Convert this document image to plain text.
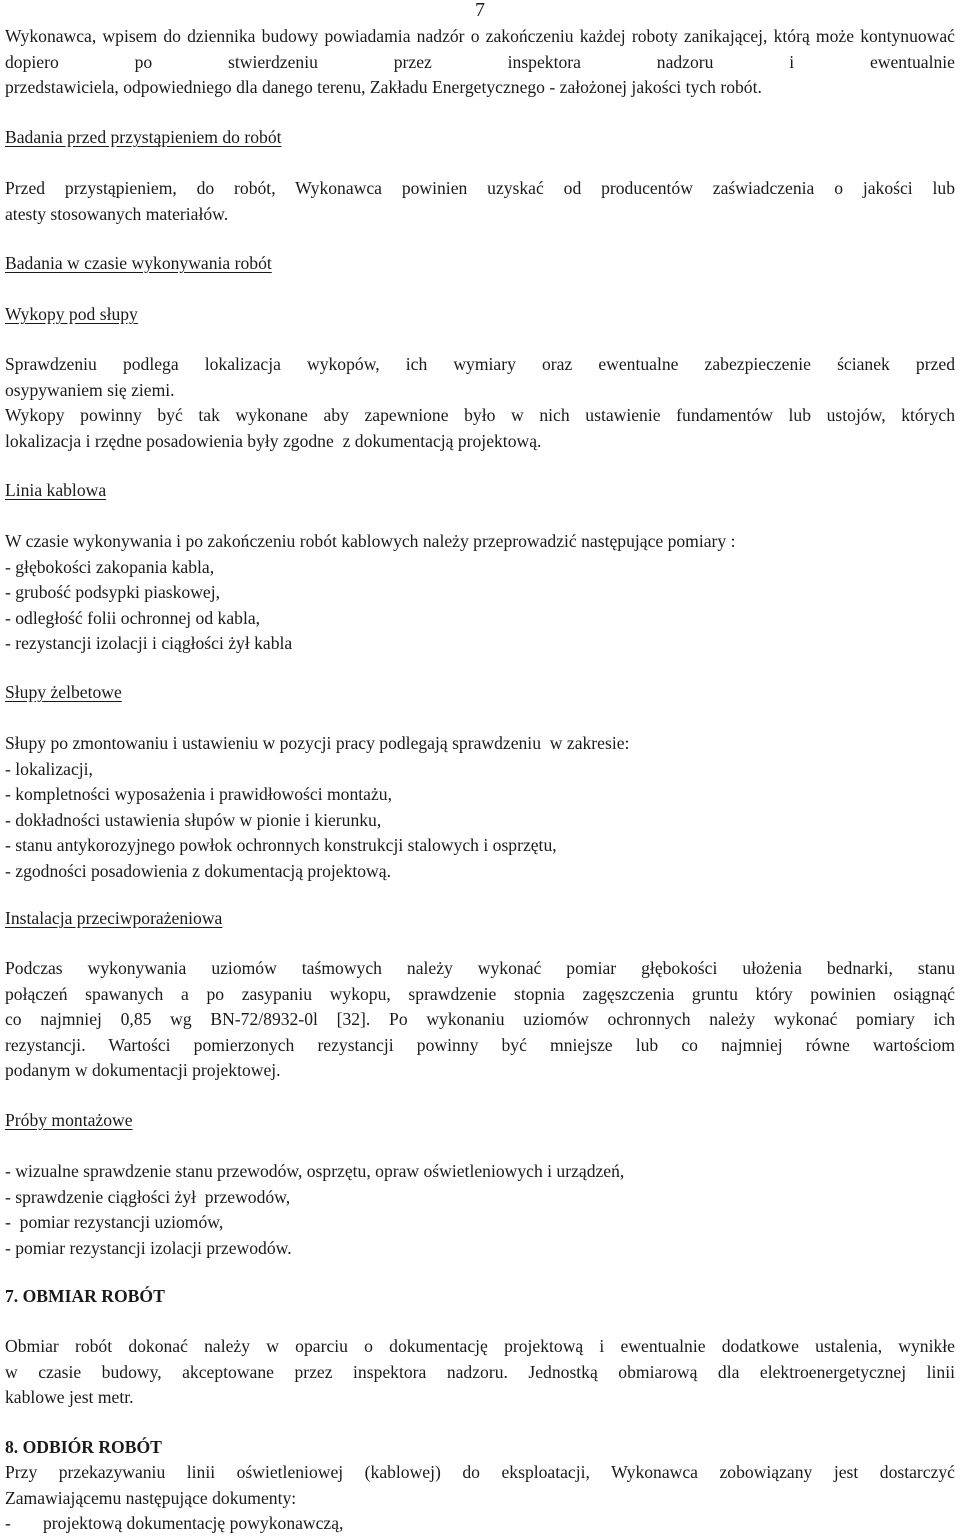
7
Wykonawca, wpisem do dziennika budowy powiadamia nadzór o zakończeniu każdej roboty zanikającej, którą może kontynuować dopiero po stwierdzeniu przez inspektora nadzoru i ewentualnie
przedstawiciela, odpowiedniego dla danego terenu, Zakładu Energetycznego - założonej jakości tych robót.
Badania przed przystąpieniem do robót
Przed przystąpieniem, do robót, Wykonawca powinien uzyskać od producentów zaświadczenia o jakości lub
atesty stosowanych materiałów.
Badania w czasie wykonywania robót
Wykopy pod słupy
Sprawdzeniu podlega lokalizacja wykopów, ich wymiary oraz ewentualne zabezpieczenie ścianek przed
osypywaniem się ziemi.
Wykopy powinny być tak wykonane aby zapewnione było w nich ustawienie fundamentów lub ustojów, których
lokalizacja i rzędne posadowienia były zgodne  z dokumentacją projektową.
Linia kablowa
W czasie wykonywania i po zakończeniu robót kablowych należy przeprowadzić następujące pomiary :
- głębokości zakopania kabla,
- grubość podsypki piaskowej,
- odległość folii ochronnej od kabla,
- rezystancji izolacji i ciągłości żył kabla
Słupy żelbetowe
Słupy po zmontowaniu i ustawieniu w pozycji pracy podlegają sprawdzeniu  w zakresie:
- lokalizacji,
- kompletności wyposażenia i prawidłowości montażu,
- dokładności ustawienia słupów w pionie i kierunku,
- stanu antykorozyjnego powłok ochronnych konstrukcji stalowych i osprzętu,
- zgodności posadowienia z dokumentacją projektową.
Instalacja przeciwporażeniowa
Podczas wykonywania uziomów taśmowych należy wykonać pomiar głębokości ułożenia bednarki, stanu
połączeń spawanych a po zasypaniu wykopu, sprawdzenie stopnia zagęszczenia gruntu który powinien osiągnąć
co najmniej 0,85 wg BN-72/8932-0l [32]. Po wykonaniu uziomów ochronnych należy wykonać pomiary ich
rezystancji. Wartości pomierzonych rezystancji powinny być mniejsze lub co najmniej równe wartościom
podanym w dokumentacji projektowej.
Próby montażowe
- wizualne sprawdzenie stanu przewodów, osprzętu, opraw oświetleniowych i urządzeń,
- sprawdzenie ciągłości żył  przewodów,
-  pomiar rezystancji uziomów,
- pomiar rezystancji izolacji przewodów.
7. OBMIAR ROBÓT
Obmiar robót dokonać należy w oparciu o dokumentację projektową i ewentualnie dodatkowe ustalenia, wynikłe
w czasie budowy, akceptowane przez inspektora nadzoru. Jednostką obmiarową dla elektroenergetycznej linii
kablowe jest metr.
8. ODBIÓR ROBÓT
Przy przekazywaniu linii oświetleniowej (kablowej) do eksploatacji, Wykonawca zobowiązany jest dostarczyć
Zamawiającemu następujące dokumenty:
- projektową dokumentację powykonawczą,
